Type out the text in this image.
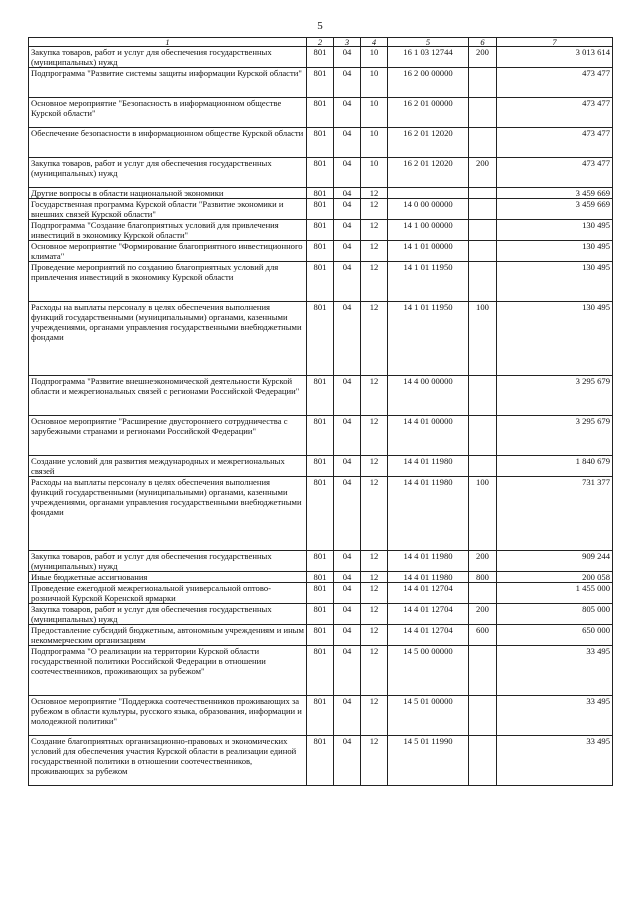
5
1	2	3	4	5	6	7
Закупка товаров, работ и услуг для обеспечения государственных (муниципальных) нужд	801	04	10	16 1 03 12744	200	3 013 614
Подпрограмма "Развитие системы защиты информации Курской области"	801	04	10	16 2 00 00000		473 477
Основное мероприятие "Безопасность в информационном обществе Курской области"	801	04	10	16 2 01 00000		473 477
Обеспечение безопасности в информационном обществе Курской области	801	04	10	16 2 01 12020		473 477
Закупка товаров, работ и услуг для обеспечения государственных (муниципальных) нужд	801	04	10	16 2 01 12020	200	473 477
Другие вопросы в области национальной экономики	801	04	12			3 459 669
Государственная программа Курской области "Развитие экономики и внешних связей Курской области"	801	04	12	14 0 00 00000		3 459 669
Подпрограмма "Создание благоприятных условий для привлечения инвестиций в экономику Курской области"	801	04	12	14 1 00 00000		130 495
Основное мероприятие "Формирование благоприятного инвестиционного климата"	801	04	12	14 1 01 00000		130 495
Проведение мероприятий по созданию благоприятных условий для привлечения инвестиций в экономику Курской области	801	04	12	14 1 01 11950		130 495
Расходы на выплаты персоналу в целях обеспечения выполнения функций государственными (муниципальными) органами, казенными учреждениями, органами управления государственными внебюджетными фондами	801	04	12	14 1 01 11950	100	130 495
Подпрограмма "Развитие внешнеэкономической деятельности Курской области и межрегиональных связей с регионами Российской Федерации"	801	04	12	14 4 00 00000		3 295 679
Основное мероприятие "Расширение двустороннего сотрудничества с зарубежными странами и регионами Российской Федерации"	801	04	12	14 4 01 00000		3 295 679
Создание условий для развития международных и межрегиональных связей	801	04	12	14 4 01 11980		1 840 679
Расходы на выплаты персоналу в целях обеспечения выполнения функций государственными (муниципальными) органами, казенными учреждениями, органами управления государственными внебюджетными фондами	801	04	12	14 4 01 11980	100	731 377
Закупка товаров, работ и услуг для обеспечения государственных (муниципальных) нужд	801	04	12	14 4 01 11980	200	909 244
Иные бюджетные ассигнования	801	04	12	14 4 01 11980	800	200 058
Проведение ежегодной межрегиональной универсальной оптово-розничной Курской Коренской ярмарки	801	04	12	14 4 01 12704		1 455 000
Закупка товаров, работ и услуг для обеспечения государственных (муниципальных) нужд	801	04	12	14 4 01 12704	200	805 000
Предоставление субсидий бюджетным, автономным учреждениям и иным некоммерческим организациям	801	04	12	14 4 01 12704	600	650 000
Подпрограмма "О реализации на территории Курской области государственной политики Российской Федерации в отношении соотечественников, проживающих за рубежом"	801	04	12	14 5 00 00000		33 495
Основное мероприятие "Поддержка соотечественников проживающих за рубежом в области культуры, русского языка, образования, информации и молодежной политики"	801	04	12	14 5 01 00000		33 495
Создание благоприятных организационно-правовых и экономических условий для обеспечения участия Курской области в реализации единой государственной политики в отношении соотечественников, проживающих за рубежом	801	04	12	14 5 01 11990		33 495
